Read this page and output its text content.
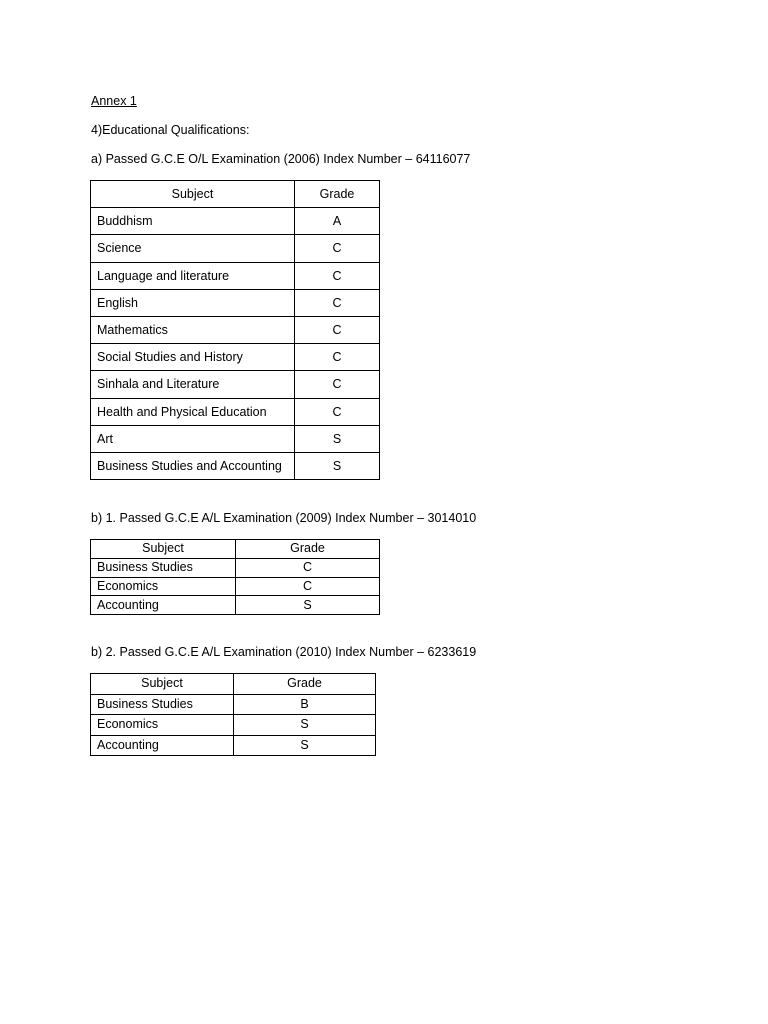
Annex 1
4)Educational Qualifications:
a) Passed G.C.E O/L Examination (2006) Index Number – 64116077
Subject	Grade
Buddhism	A
Science	C
Language and literature	C
English	C
Mathematics	C
Social Studies and History	C
Sinhala and Literature	C
Health and Physical Education	C
Art	S
Business Studies and Accounting	S
b) 1. Passed G.C.E A/L Examination (2009) Index Number – 3014010
Subject	Grade
Business Studies	C
Economics	C
Accounting	S
b) 2. Passed G.C.E A/L Examination (2010) Index Number – 6233619
Subject	Grade
Business Studies	B
Economics	S
Accounting	S
